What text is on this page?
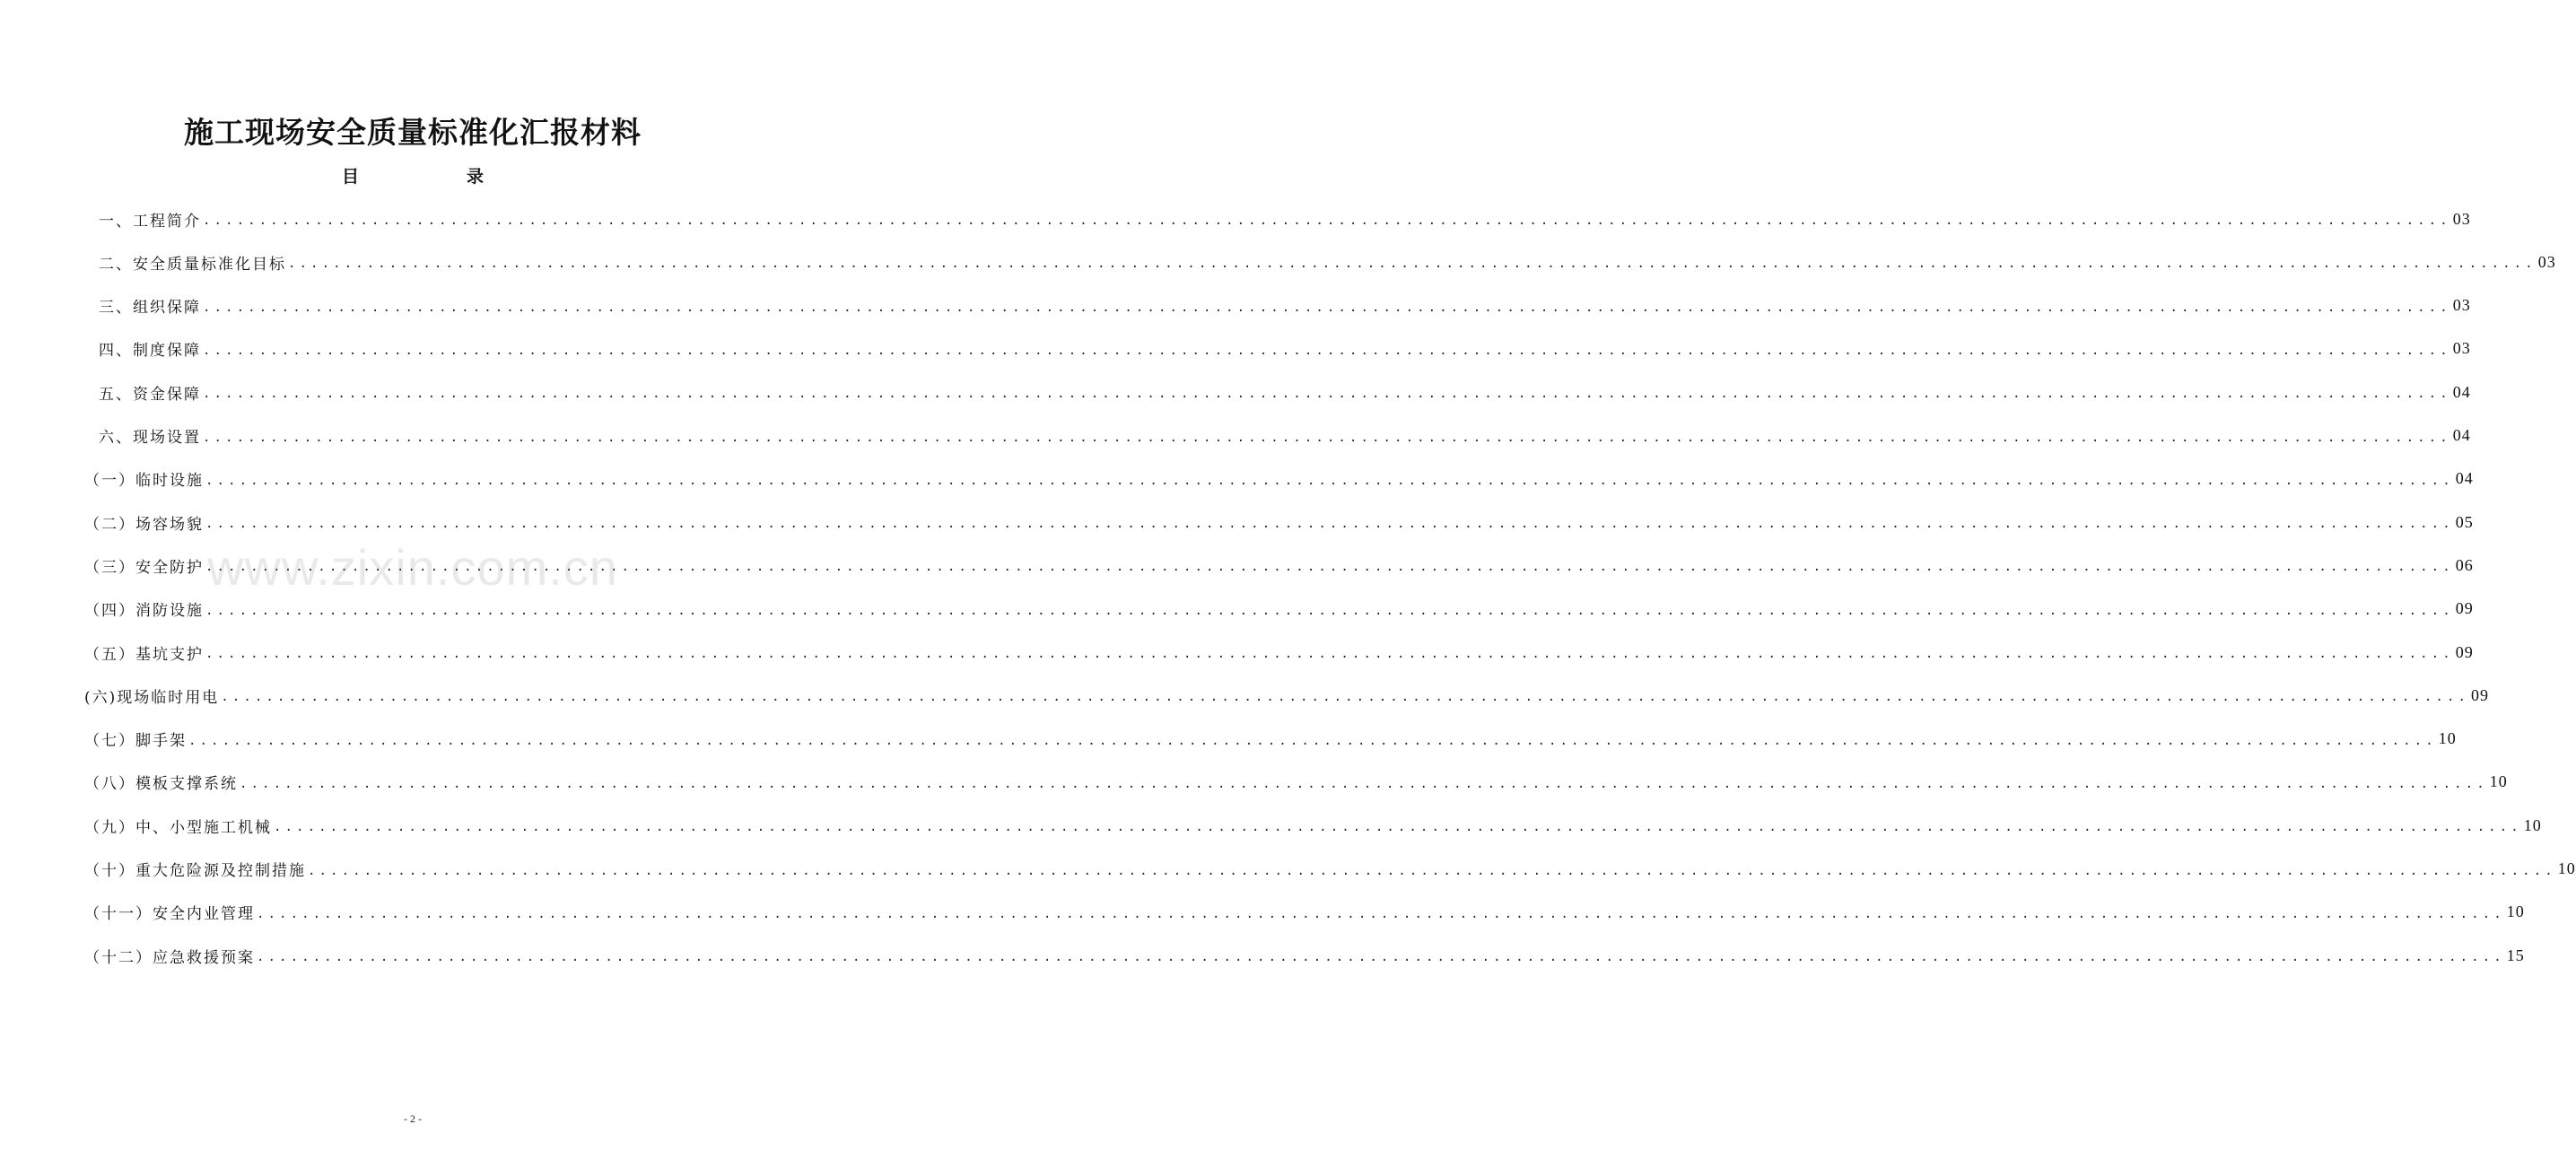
施工现场安全质量标准化汇报材料
目	录
一、工程简介 ........................................................................................................................................................................................................ 03
二、安全质量标准化目标 ........................................................................................................................................................................................................ 03
三、组织保障 ........................................................................................................................................................................................................ 03
四、制度保障 ........................................................................................................................................................................................................ 03
五、资金保障 ........................................................................................................................................................................................................ 04
六、现场设置 ........................................................................................................................................................................................................ 04
（一）临时设施 ........................................................................................................................................................................................................ 04
（二）场容场貌 ........................................................................................................................................................................................................ 05
（三）安全防护 ........................................................................................................................................................................................................ 06
（四）消防设施 ........................................................................................................................................................................................................ 09
（五）基坑支护 ........................................................................................................................................................................................................ 09
(六)现场临时用电 ........................................................................................................................................................................................................ 09
（七）脚手架 ........................................................................................................................................................................................................ 10
（八）模板支撑系统 ........................................................................................................................................................................................................ 10
（九）中、小型施工机械 ........................................................................................................................................................................................................ 10
（十）重大危险源及控制措施 ........................................................................................................................................................................................................ 10
（十一）安全内业管理 ........................................................................................................................................................................................................ 10
（十二）应急救援预案 ........................................................................................................................................................................................................ 15
www.zixin.com.cn
- 2 -
